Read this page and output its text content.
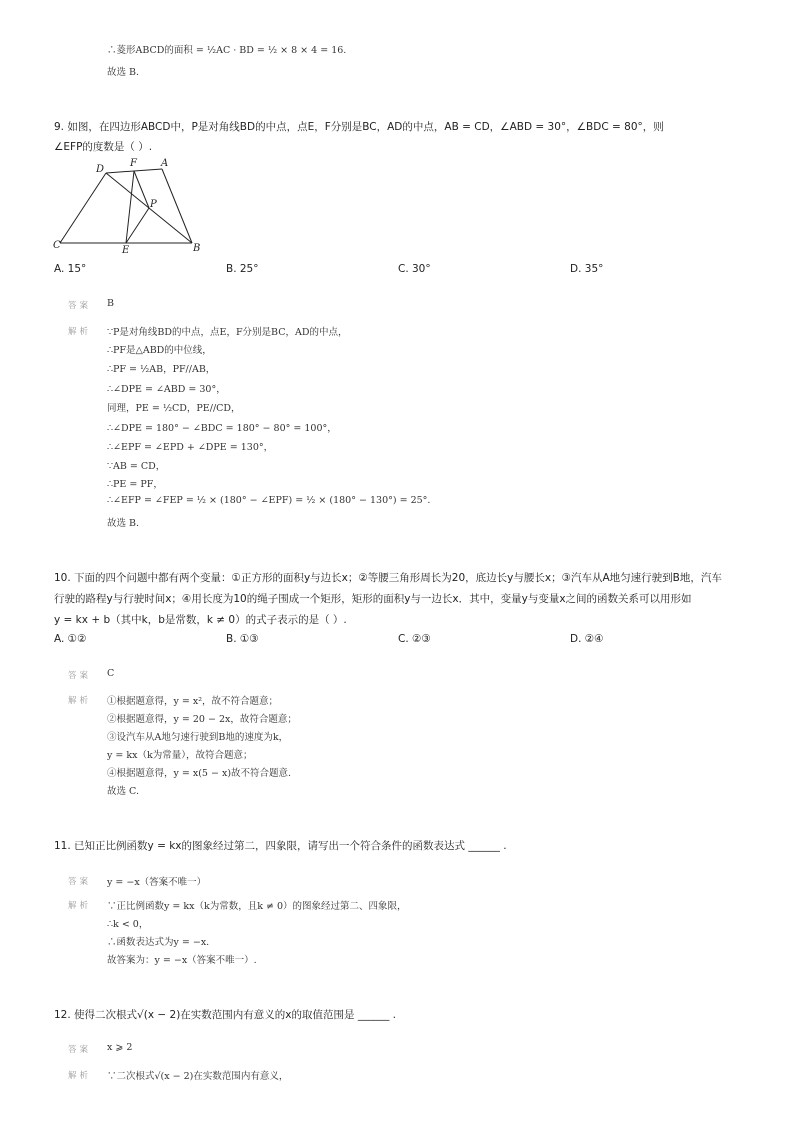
∴菱形ABCD的面积 = ½AC · BD = ½ × 8 × 4 = 16.
故选 B.
9. 如图，在四边形ABCD中，P是对角线BD的中点，点E，F分别是BC，AD的中点，AB = CD，∠ABD = 30°，∠BDC = 80°，则
∠EFP的度数是（ ）.
D
F A
P
C	E	B
A. 15°	B. 25°	C. 30°	D. 35°
答案 B
解析 ∵P是对角线BD的中点，点E，F分别是BC，AD的中点，
∴PF是△ABD的中位线，
∴PF = ½AB，PF//AB，
∴∠DPE = ∠ABD = 30°，
同理，PE = ½CD，PE//CD，
∴∠DPE = 180° − ∠BDC = 180° − 80° = 100°，
∴∠EPF = ∠EPD + ∠DPE = 130°，
∵AB = CD，
∴PE = PF，
∴∠EFP = ∠FEP = ½ × (180° − ∠EPF) = ½ × (180° − 130°) = 25°.
故选 B.
10. 下面的四个问题中都有两个变量：①正方形的面积y与边长x；②等腰三角形周长为20，底边长y与腰长x；③汽车从A地匀速行驶到B地，汽车
行驶的路程y与行驶时间x；④用长度为10的绳子围成一个矩形，矩形的面积y与一边长x．其中，变量y与变量x之间的函数关系可以用形如
y = kx + b（其中k，b是常数，k ≠ 0）的式子表示的是（ ）.
A. ①②	B. ①③	C. ②③	D. ②④
答案 C
解析 ①根据题意得，y = x²，故不符合题意；
②根据题意得，y = 20 − 2x，故符合题意；
③设汽车从A地匀速行驶到B地的速度为k，
y = kx（k为常量），故符合题意；
④根据题意得，y = x(5 − x)故不符合题意.
故选 C.
11. 已知正比例函数y = kx的图象经过第二，四象限，请写出一个符合条件的函数表达式 ______ .
答案 y = −x（答案不唯一）
解析 ∵正比例函数y = kx（k为常数，且k ≠ 0）的图象经过第二、四象限，
∴k < 0，
∴函数表达式为y = −x.
故答案为：y = −x（答案不唯一）.
12. 使得二次根式√(x − 2)在实数范围内有意义的x的取值范围是 ______ .
答案 x ⩾ 2
解析 ∵二次根式√(x − 2)在实数范围内有意义，
